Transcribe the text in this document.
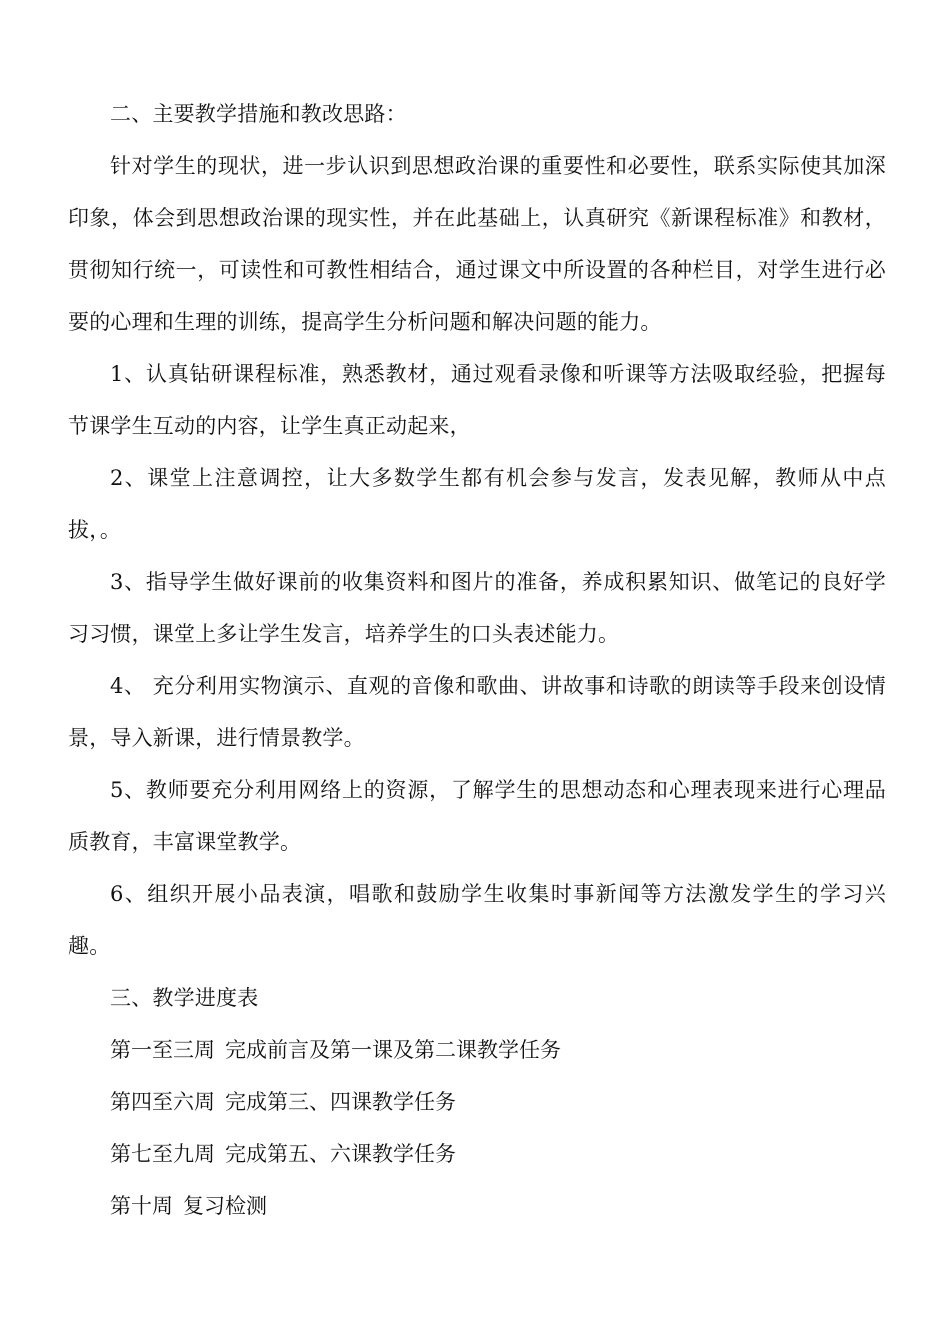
二、主要教学措施和教改思路：

针对学生的现状，进一步认识到思想政治课的重要性和必要性，联系实际使其加深印象，体会到思想政治课的现实性，并在此基础上，认真研究《新课程标准》和教材，贯彻知行统一，可读性和可教性相结合，通过课文中所设置的各种栏目，对学生进行必要的心理和生理的训练，提高学生分析问题和解决问题的能力。

1、认真钻研课程标准，熟悉教材，通过观看录像和听课等方法吸取经验，把握每节课学生互动的内容，让学生真正动起来，

2、课堂上注意调控，让大多数学生都有机会参与发言，发表见解，教师从中点拔，。

3、指导学生做好课前的收集资料和图片的准备，养成积累知识、做笔记的良好学习习惯，课堂上多让学生发言，培养学生的口头表述能力。

4、 充分利用实物演示、直观的音像和歌曲、讲故事和诗歌的朗读等手段来创设情景，导入新课，进行情景教学。

5、教师要充分利用网络上的资源，了解学生的思想动态和心理表现来进行心理品质教育，丰富课堂教学。

6、组织开展小品表演，唱歌和鼓励学生收集时事新闻等方法激发学生的学习兴趣。

三、教学进度表

第一至三周 完成前言及第一课及第二课教学任务

第四至六周 完成第三、四课教学任务

第七至九周 完成第五、六课教学任务

第十周 复习检测
